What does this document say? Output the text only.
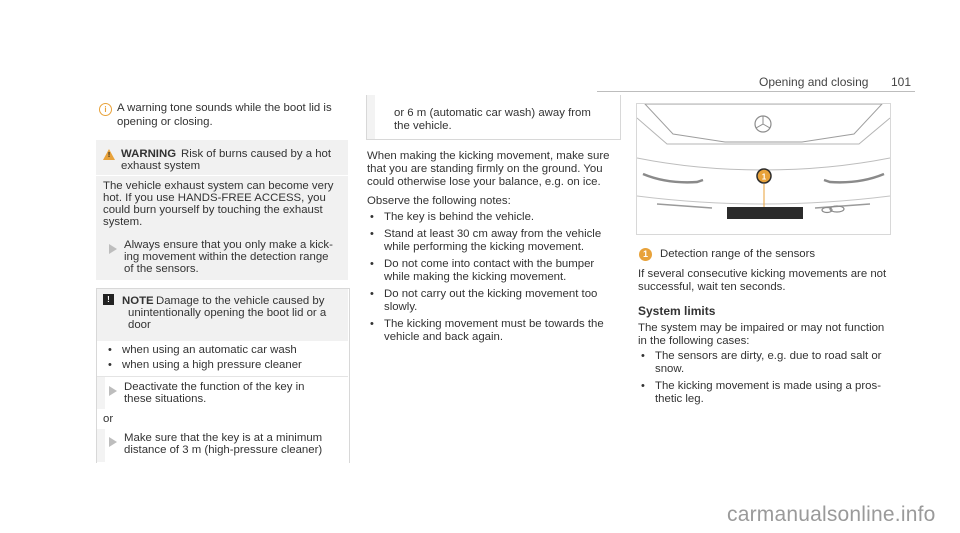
Opening and closing 101
i A warning tone sounds while the boot lid is
opening or closing.
! WARNING Risk of burns caused by a hot
exhaust system
The vehicle exhaust system can become very
hot. If you use HANDS-FREE ACCESS, you
could burn yourself by touching the exhaust
system.
Always ensure that you only make a kick-
ing movement within the detection range
of the sensors.
!	NOTE Damage to the vehicle caused by
unintentionally opening the boot lid or a
door
• when using an automatic car wash
• when using a high pressure cleaner
Deactivate the function of the key in
these situations.
or
Make sure that the key is at a minimum
distance of 3 m (high-pressure cleaner)
or 6 m (automatic car wash) away from
the vehicle.
When making the kicking movement, make sure
that you are standing firmly on the ground. You
could otherwise lose your balance, e.g. on ice.
Observe the following notes:
• The key is behind the vehicle.
• Stand at least 30 cm away from the vehicle
while performing the kicking movement.
• Do not come into contact with the bumper
while making the kicking movement.
• Do not carry out the kicking movement too
slowly.
• The kicking movement must be towards the
vehicle and back again.
1
1	Detection range of the sensors
If several consecutive kicking movements are not
successful, wait ten seconds.
System limits
The system may be impaired or may not function
in the following cases:
• The sensors are dirty, e.g. due to road salt or
snow.
• The kicking movement is made using a pros-
thetic leg.
carmanualsonline.info
